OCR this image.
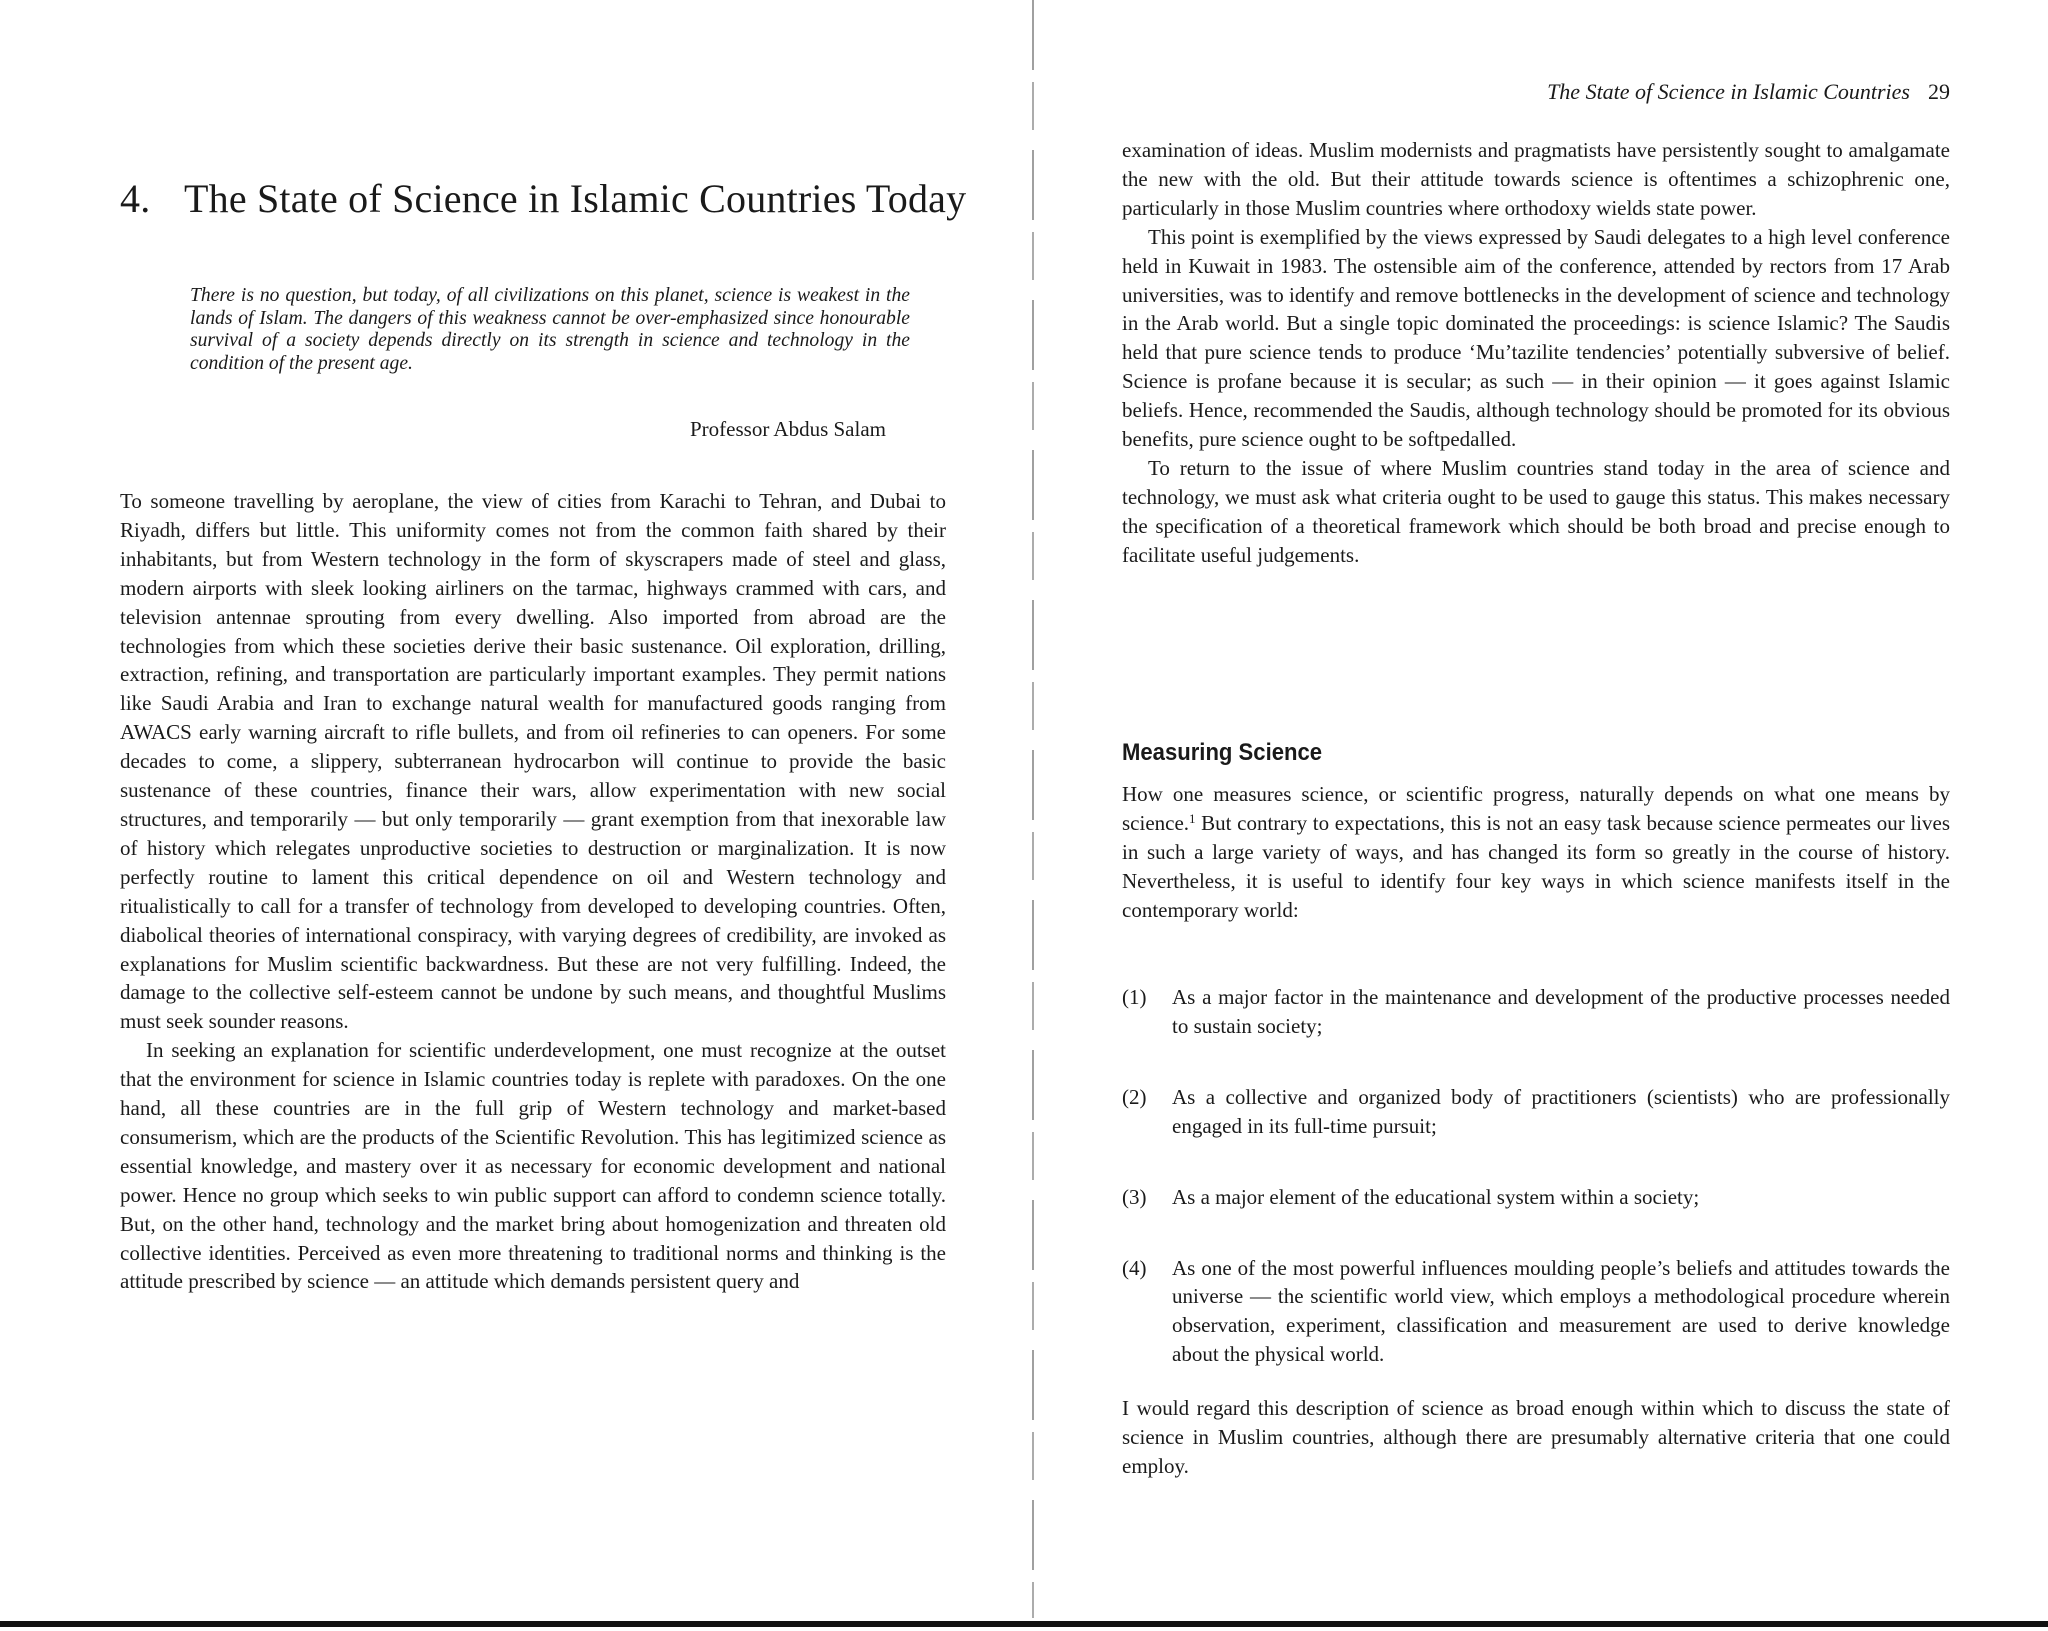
4. The State of Science in Islamic Countries Today
There is no question, but today, of all civilizations on this planet, science is weakest in the lands of Islam. The dangers of this weakness cannot be over-emphasized since honourable survival of a society depends directly on its strength in science and technology in the condition of the present age.
Professor Abdus Salam

To someone travelling by aeroplane, the view of cities from Karachi to Tehran, and Dubai to Riyadh, differs but little. This uniformity comes not from the common faith shared by their inhabitants, but from Western technology in the form of skyscrapers made of steel and glass, modern airports with sleek looking airliners on the tarmac, highways crammed with cars, and television antennae sprouting from every dwelling. Also imported from abroad are the technologies from which these societies derive their basic sustenance. Oil exploration, drilling, extraction, refining, and transportation are particularly important examples. They permit nations like Saudi Arabia and Iran to exchange natural wealth for manufactured goods ranging from AWACS early warning aircraft to rifle bullets, and from oil refineries to can openers. For some decades to come, a slippery, subterranean hydrocarbon will continue to provide the basic sustenance of these countries, finance their wars, allow experimentation with new social structures, and temporarily — but only temporarily — grant exemption from that inexorable law of history which relegates unproductive societies to destruction or marginalization. It is now perfectly routine to lament this critical dependence on oil and Western technology and ritualistically to call for a transfer of technology from developed to developing countries. Often, diabolical theories of international conspiracy, with varying degrees of credibility, are invoked as explanations for Muslim scientific backwardness. But these are not very fulfilling. Indeed, the damage to the collective self-esteem cannot be undone by such means, and thoughtful Muslims must seek sounder reasons.

In seeking an explanation for scientific underdevelopment, one must recognize at the outset that the environment for science in Islamic countries today is replete with paradoxes. On the one hand, all these countries are in the full grip of Western technology and market-based consumerism, which are the products of the Scientific Revolution. This has legitimized science as essential knowledge, and mastery over it as necessary for economic development and national power. Hence no group which seeks to win public support can afford to condemn science totally. But, on the other hand, technology and the market bring about homogenization and threaten old collective identities. Perceived as even more threatening to traditional norms and thinking is the attitude prescribed by science — an attitude which demands persistent query and

The State of Science in Islamic Countries 29

examination of ideas. Muslim modernists and pragmatists have persistently sought to amalgamate the new with the old. But their attitude towards science is oftentimes a schizophrenic one, particularly in those Muslim countries where orthodoxy wields state power.

This point is exemplified by the views expressed by Saudi delegates to a high level conference held in Kuwait in 1983. The ostensible aim of the conference, attended by rectors from 17 Arab universities, was to identify and remove bottlenecks in the development of science and technology in the Arab world. But a single topic dominated the proceedings: is science Islamic? The Saudis held that pure science tends to produce ‘Mu’tazilite tendencies’ potentially subversive of belief. Science is profane because it is secular; as such — in their opinion — it goes against Islamic beliefs. Hence, recommended the Saudis, although technology should be promoted for its obvious benefits, pure science ought to be softpedalled.

To return to the issue of where Muslim countries stand today in the area of science and technology, we must ask what criteria ought to be used to gauge this status. This makes necessary the specification of a theoretical framework which should be both broad and precise enough to facilitate useful judgements.

Measuring Science

How one measures science, or scientific progress, naturally depends on what one means by science.$^1$ But contrary to expectations, this is not an easy task because science permeates our lives in such a large variety of ways, and has changed its form so greatly in the course of history. Nevertheless, it is useful to identify four key ways in which science manifests itself in the contemporary world:

(1) As a major factor in the maintenance and development of the productive processes needed to sustain society;
(2) As a collective and organized body of practitioners (scientists) who are professionally engaged in its full-time pursuit;
(3) As a major element of the educational system within a society;
(4) As one of the most powerful influences moulding people’s beliefs and attitudes towards the universe — the scientific world view, which employs a methodological procedure wherein observation, experiment, classification and measurement are used to derive knowledge about the physical world.

I would regard this description of science as broad enough within which to discuss the state of science in Muslim countries, although there are presumably alternative criteria that one could employ.
